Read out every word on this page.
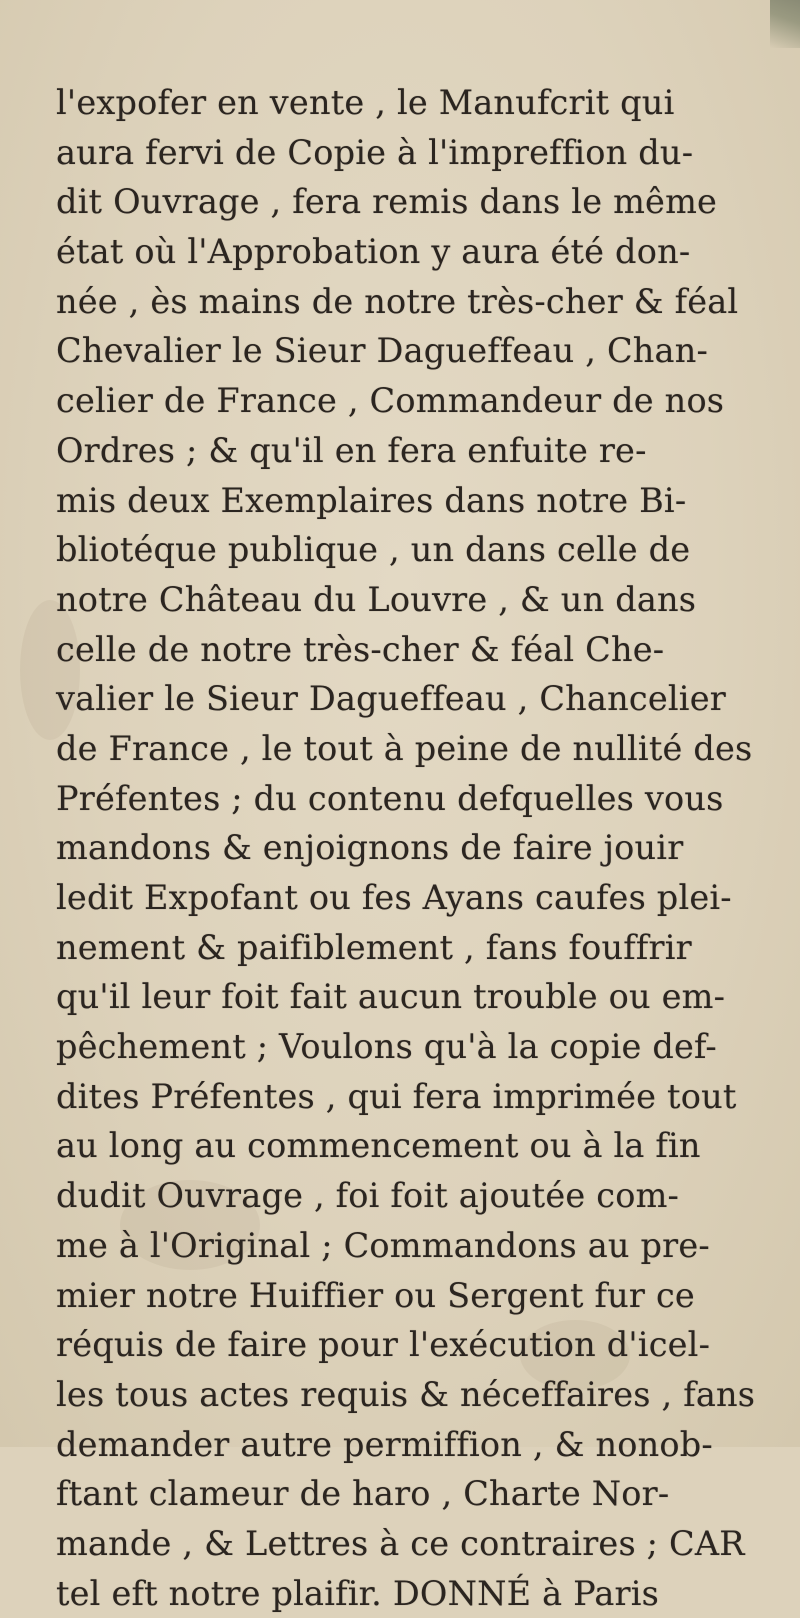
l'expofer en vente , le Manufcrit qui
aura fervi de Copie à l'impreffion du-
dit Ouvrage , fera remis dans le même
état où l'Approbation y aura été don-
née , ès mains de notre très-cher & féal
Chevalier le Sieur Dagueffeau , Chan-
celier de France , Commandeur de nos
Ordres ; & qu'il en fera enfuite re-
mis deux Exemplaires dans notre Bi-
bliotéque publique , un dans celle de
notre Château du Louvre , & un dans
celle de notre très-cher & féal Che-
valier le Sieur Dagueffeau , Chancelier
de France , le tout à peine de nullité des
Préfentes ; du contenu defquelles vous
mandons & enjoignons de faire jouir
ledit Expofant ou fes Ayans caufes plei-
nement & paifiblement , fans fouffrir
qu'il leur foit fait aucun trouble ou em-
pêchement ; Voulons qu'à la copie def-
dites Préfentes , qui fera imprimée tout
au long au commencement ou à la fin
dudit Ouvrage , foi foit ajoutée com-
me à l'Original ; Commandons au pre-
mier notre Huiffier ou Sergent fur ce
réquis de faire pour l'exécution d'icel-
les tous actes requis & néceffaires , fans
demander autre permiffion , & nonob-
ftant clameur de haro , Charte Nor-
mande , & Lettres à ce contraires ; CAR
tel eft notre plaifir. DONNÉ à Paris
